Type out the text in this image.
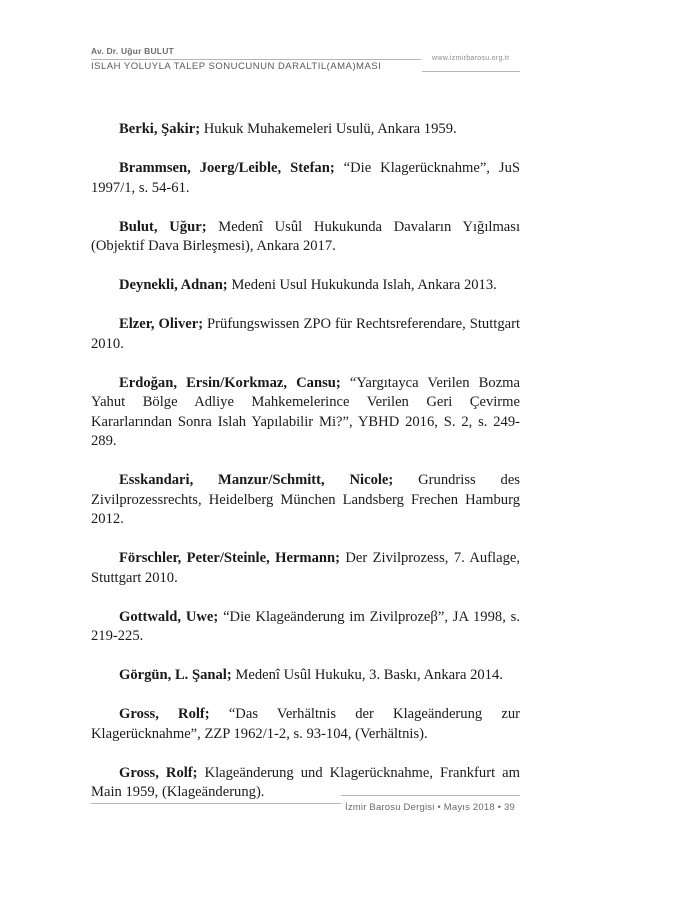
Av. Dr. Uğur BULUT
ISLAH YOLUYLA TALEP SONUCUNUN DARALTIL(AMA)MASI
www.izmirbarosu.org.tr

Berki, Şakir; Hukuk Muhakemeleri Usulü, Ankara 1959.

Brammsen, Joerg/Leible, Stefan; “Die Klagerücknahme”, JuS 1997/1, s. 54-61.

Bulut, Uğur; Medenî Usûl Hukukunda Davaların Yığılması (Objektif Dava Birleşmesi), Ankara 2017.

Deynekli, Adnan; Medeni Usul Hukukunda Islah, Ankara 2013.

Elzer, Oliver; Prüfungswissen ZPO für Rechtsreferendare, Stuttgart 2010.

Erdoğan, Ersin/Korkmaz, Cansu; “Yargıtayca Verilen Bozma Yahut Bölge Adliye Mahkemelerince Verilen Geri Çevirme Kararlarından Sonra Islah Yapılabilir Mi?”, YBHD 2016, S. 2, s. 249-289.

Esskandari, Manzur/Schmitt, Nicole; Grundriss des Zivilprozessrechts, Heidelberg München Landsberg Frechen Hamburg 2012.

Förschler, Peter/Steinle, Hermann; Der Zivilprozess, 7. Auflage, Stuttgart 2010.

Gottwald, Uwe; “Die Klageänderung im Zivilprozeβ”, JA 1998, s. 219-225.

Görgün, L. Şanal; Medenî Usûl Hukuku, 3. Baskı, Ankara 2014.

Gross, Rolf; “Das Verhältnis der Klageänderung zur Klagerücknahme”, ZZP 1962/1-2, s. 93-104, (Verhältnis).

Gross, Rolf; Klageänderung und Klagerücknahme, Frankfurt am Main 1959, (Klageänderung).

İzmir Barosu Dergisi • Mayıs 2018 • 39
